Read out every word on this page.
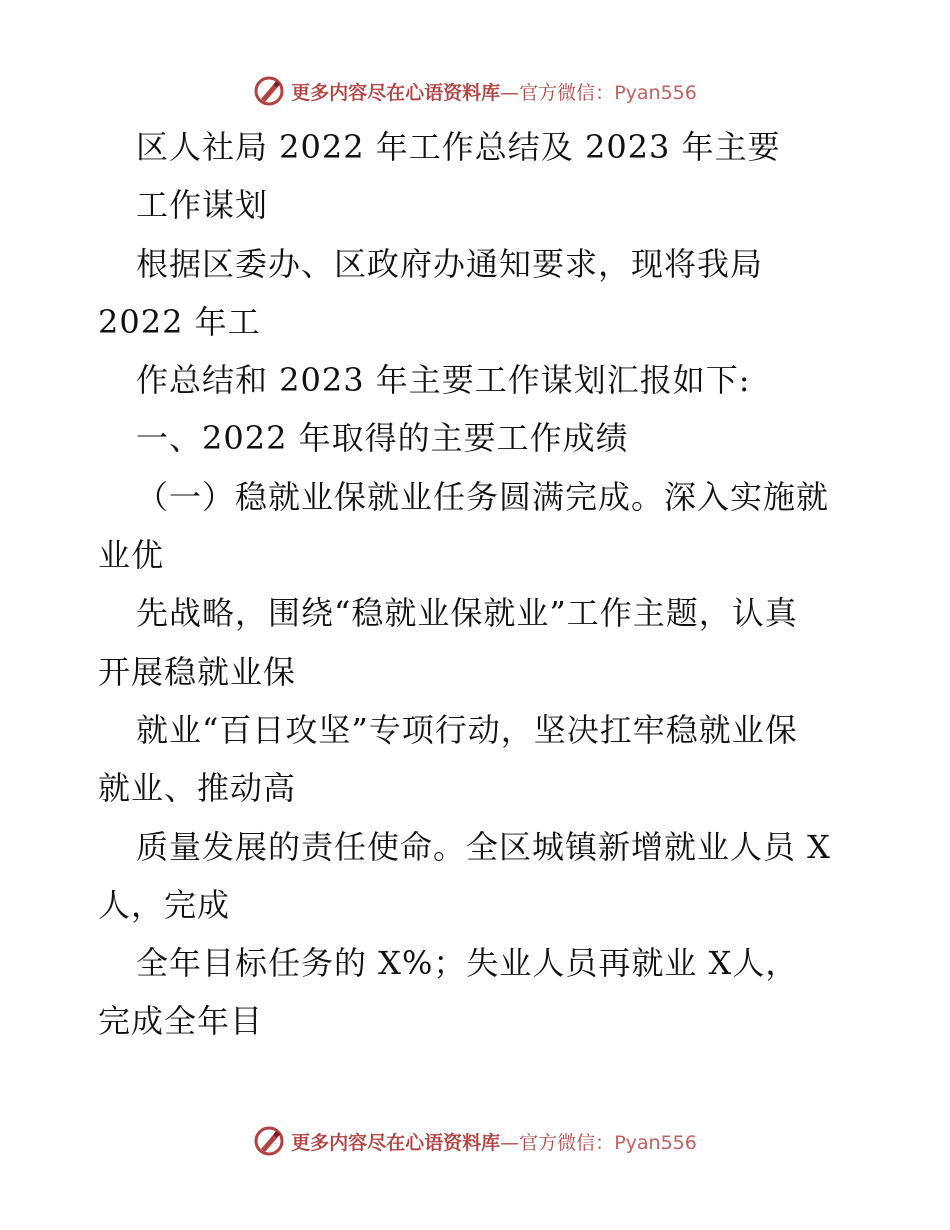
更多内容尽在心语资料库—官方微信：Pyan556
区人社局 2022 年工作总结及 2023 年主要
工作谋划
根据区委办、区政府办通知要求，现将我局
2022 年工
作总结和 2023 年主要工作谋划汇报如下:
一、2022 年取得的主要工作成绩
（一）稳就业保就业任务圆满完成。深入实施就
业优
先战略，围绕“稳就业保就业”工作主题，认真
开展稳就业保
就业“百日攻坚”专项行动，坚决扛牢稳就业保
就业、推动高
质量发展的责任使命。全区城镇新增就业人员 X
人，完成
全年目标任务的 X%；失业人员再就业 X人，
完成全年目
更多内容尽在心语资料库—官方微信：Pyan556
